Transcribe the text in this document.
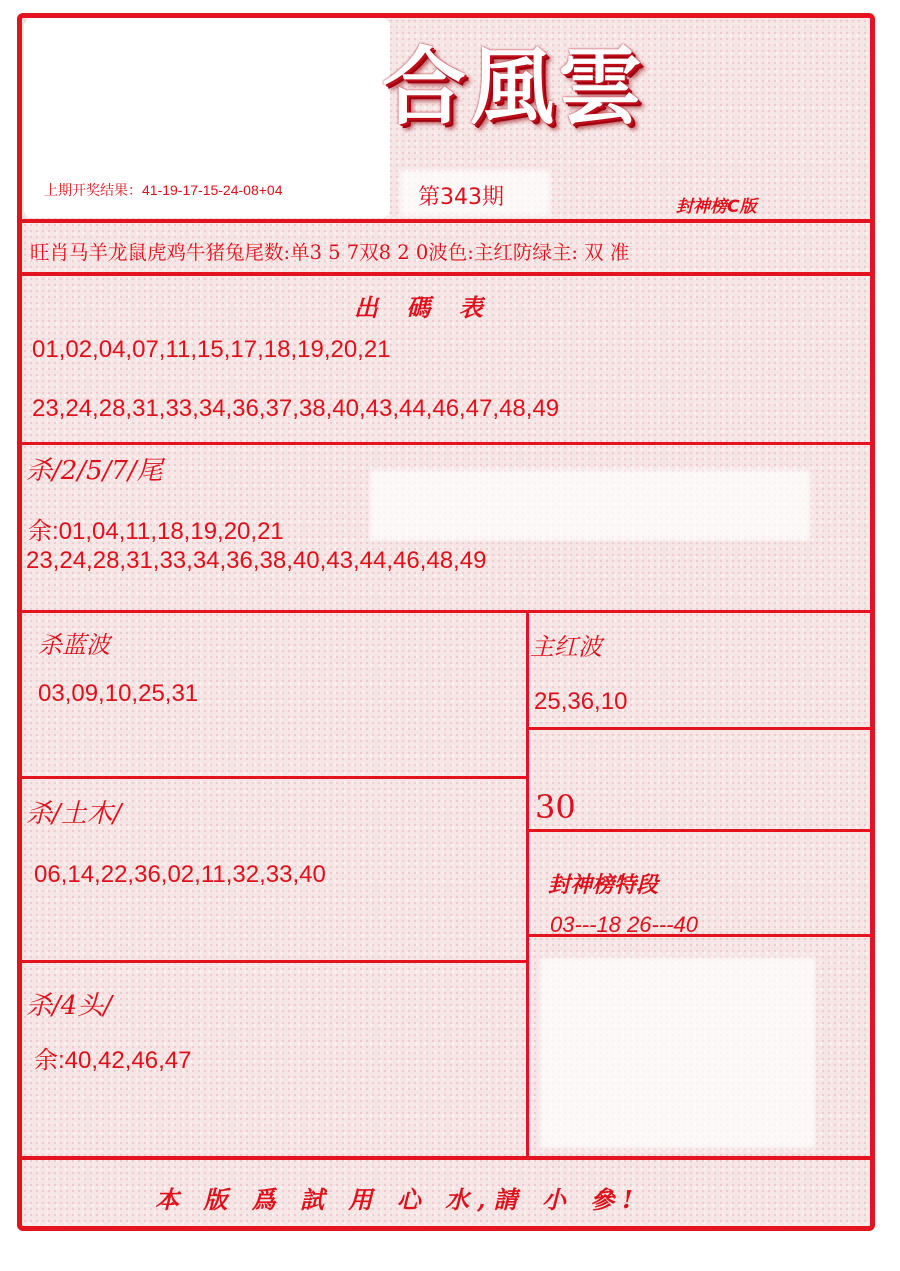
合風雲
上期开奖结果：41-19-17-15-24-08+04	第343期	封神榜C版
旺肖马羊龙鼠虎鸡牛猪兔尾数:单3 5 7双8 2 0波色:主红防绿主: 双 准
出 碼 表
01,02,04,07,11,15,17,18,19,20,21
23,24,28,31,33,34,36,37,38,40,43,44,46,47,48,49
杀/2/5/7/尾
余:01,04,11,18,19,20,21
23,24,28,31,33,34,36,38,40,43,44,46,48,49
杀蓝波
03,09,10,25,31
主红波
25,36,10
30
杀/土木/
06,14,22,36,02,11,32,33,40	封神榜特段
03---18 26---40
杀/4头/
余:40,42,46,47
本 版 爲 試 用 心 水,請 小 參!
